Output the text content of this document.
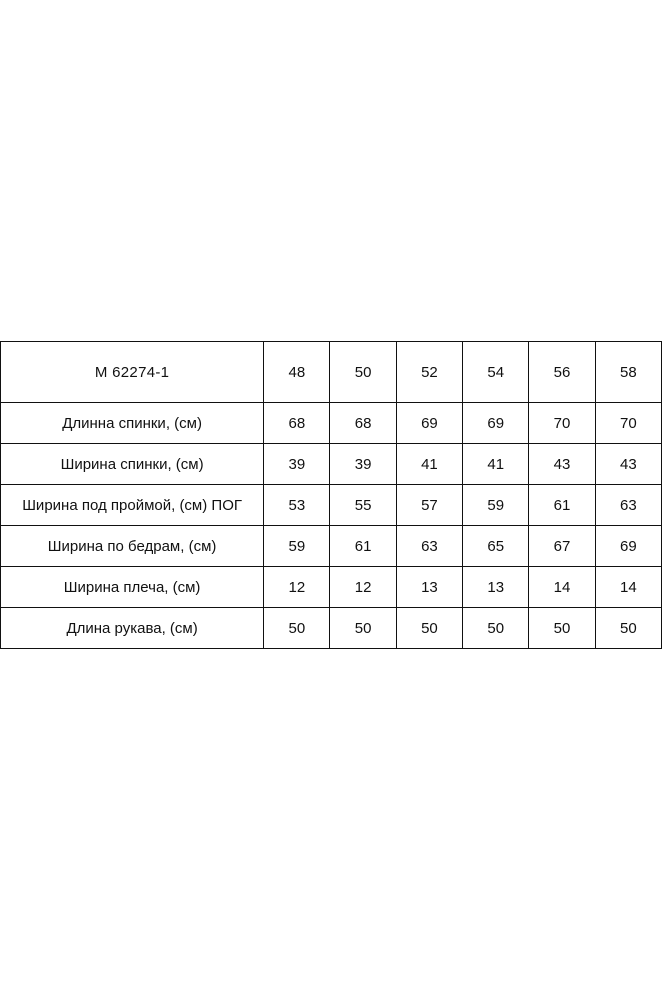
М 62274-1	48	50	52	54	56	58
Длинна спинки, (см)	68	68	69	69	70	70
Ширина спинки, (см)	39	39	41	41	43	43
Ширина под проймой, (см) ПОГ	53	55	57	59	61	63
Ширина по бедрам, (см)	59	61	63	65	67	69
Ширина плеча, (см)	12	12	13	13	14	14
Длина рукава, (см)	50	50	50	50	50	50
